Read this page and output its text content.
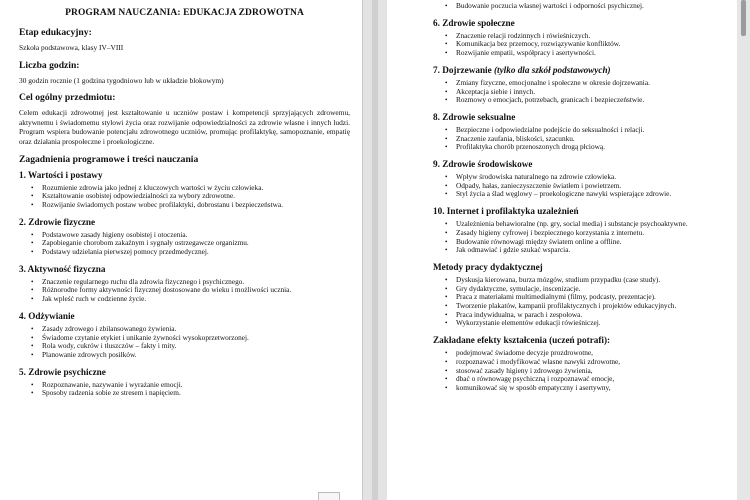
PROGRAM NAUCZANIA: EDUKACJA ZDROWOTNA
Etap edukacyjny:

Szkoła podstawowa, klasy IV–VIII

Liczba godzin:

30 godzin rocznie (1 godzina tygodniowo lub w układzie blokowym)

Cel ogólny przedmiotu:

Celem edukacji zdrowotnej jest kształtowanie u uczniów postaw i kompetencji sprzyjających zdrowemu, aktywnemu i świadomemu stylowi życia oraz rozwijanie odpowiedzialności za zdrowie własne i innych ludzi. Program wspiera budowanie potencjału zdrowotnego uczniów, promując profilaktykę, samopoznanie, empatię oraz działania prospołeczne i proekologiczne.

Zagadnienia programowe i treści nauczania
1. Wartości i postawy
• Rozumienie zdrowia jako jednej z kluczowych wartości w życiu człowieka.
• Kształtowanie osobistej odpowiedzialności za wybory zdrowotne.
• Rozwijanie świadomych postaw wobec profilaktyki, dobrostanu i bezpieczeństwa.
2. Zdrowie fizyczne
• Podstawowe zasady higieny osobistej i otoczenia.
• Zapobieganie chorobom zakaźnym i sygnały ostrzegawcze organizmu.
• Podstawy udzielania pierwszej pomocy przedmedycznej.
3. Aktywność fizyczna
• Znaczenie regularnego ruchu dla zdrowia fizycznego i psychicznego.
• Różnorodne formy aktywności fizycznej dostosowane do wieku i możliwości ucznia.
• Jak wpleść ruch w codzienne życie.
4. Odżywianie
• Zasady zdrowego i zbilansowanego żywienia.
• Świadome czytanie etykiet i unikanie żywności wysokoprzetworzonej.
• Rola wody, cukrów i tłuszczów – fakty i mity.
• Planowanie zdrowych posiłków.
5. Zdrowie psychiczne
• Rozpoznawanie, nazywanie i wyrażanie emocji.
• Sposoby radzenia sobie ze stresem i napięciem.
• Budowanie poczucia własnej wartości i odporności psychicznej.
6. Zdrowie społeczne
• Znaczenie relacji rodzinnych i rówieśniczych.
• Komunikacja bez przemocy, rozwiązywanie konfliktów.
• Rozwijanie empatii, współpracy i asertywności.
7. Dojrzewanie (tylko dla szkół podstawowych)
• Zmiany fizyczne, emocjonalne i społeczne w okresie dojrzewania.
• Akceptacja siebie i innych.
• Rozmowy o emocjach, potrzebach, granicach i bezpieczeństwie.
8. Zdrowie seksualne
• Bezpieczne i odpowiedzialne podejście do seksualności i relacji.
• Znaczenie zaufania, bliskości, szacunku.
• Profilaktyka chorób przenoszonych drogą płciową.
9. Zdrowie środowiskowe
• Wpływ środowiska naturalnego na zdrowie człowieka.
• Odpady, hałas, zanieczyszczenie światłem i powietrzem.
• Styl życia a ślad węglowy – proekologiczne nawyki wspierające zdrowie.
10. Internet i profilaktyka uzależnień
• Uzależnienia behawioralne (np. gry, social media) i substancje psychoaktywne.
• Zasady higieny cyfrowej i bezpiecznego korzystania z internetu.
• Budowanie równowagi między światem online a offline.
• Jak odmawiać i gdzie szukać wsparcia.
Metody pracy dydaktycznej
• Dyskusja kierowana, burza mózgów, studium przypadku (case study).
• Gry dydaktyczne, symulacje, inscenizacje.
• Praca z materiałami multimedialnymi (filmy, podcasty, prezentacje).
• Tworzenie plakatów, kampanii profilaktycznych i projektów edukacyjnych.
• Praca indywidualna, w parach i zespołowa.
• Wykorzystanie elementów edukacji rówieśniczej.
Zakładane efekty kształcenia (uczeń potrafi):
• podejmować świadome decyzje prozdrowotne,
• rozpoznawać i modyfikować własne nawyki zdrowotne,
• stosować zasady higieny i zdrowego żywienia,
• dbać o równowagę psychiczną i rozpoznawać emocje,
• komunikować się w sposób empatyczny i asertywny,
